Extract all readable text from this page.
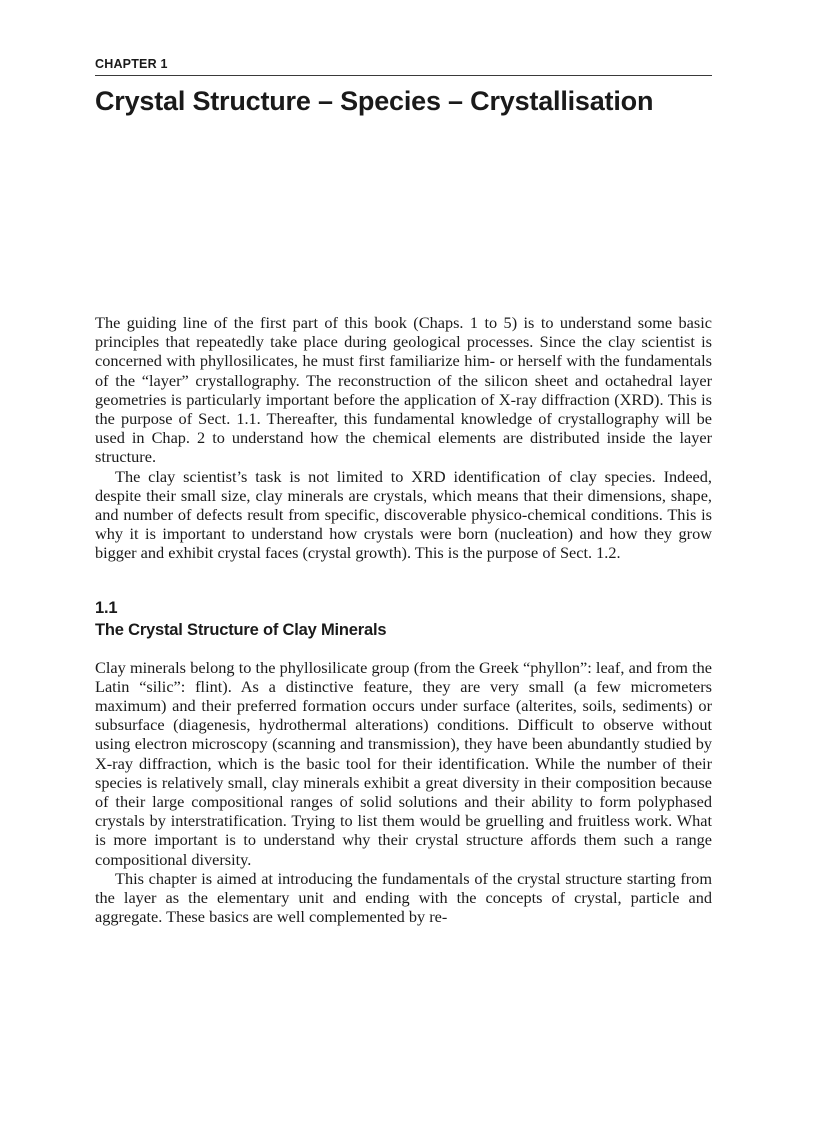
CHAPTER 1
Crystal Structure – Species – Crystallisation

The guiding line of the first part of this book (Chaps. 1 to 5) is to understand some basic principles that repeatedly take place during geological processes. Since the clay scientist is concerned with phyllosilicates, he must first familiarize him- or herself with the fundamentals of the “layer” crystallography. The reconstruction of the silicon sheet and octahedral layer geometries is particularly important before the application of X-ray diffraction (XRD). This is the purpose of Sect. 1.1. Thereafter, this fundamental knowledge of crystallography will be used in Chap. 2 to understand how the chemical elements are distributed inside the layer structure.

The clay scientist’s task is not limited to XRD identification of clay species. Indeed, despite their small size, clay minerals are crystals, which means that their dimensions, shape, and number of defects result from specific, discoverable physico-chemical conditions. This is why it is important to understand how crystals were born (nucleation) and how they grow bigger and exhibit crystal faces (crystal growth). This is the purpose of Sect. 1.2.

1.1
The Crystal Structure of Clay Minerals

Clay minerals belong to the phyllosilicate group (from the Greek “phyllon”: leaf, and from the Latin “silic”: flint). As a distinctive feature, they are very small (a few micrometers maximum) and their preferred formation occurs under surface (alterites, soils, sediments) or subsurface (diagenesis, hydrothermal alterations) conditions. Difficult to observe without using electron microscopy (scanning and transmission), they have been abundantly studied by X-ray diffraction, which is the basic tool for their identification. While the number of their species is relatively small, clay minerals exhibit a great diversity in their composition because of their large compositional ranges of solid solutions and their ability to form polyphased crystals by interstratification. Trying to list them would be gruelling and fruitless work. What is more important is to understand why their crystal structure affords them such a range compositional diversity.

This chapter is aimed at introducing the fundamentals of the crystal structure starting from the layer as the elementary unit and ending with the concepts of crystal, particle and aggregate. These basics are well complemented by re-
